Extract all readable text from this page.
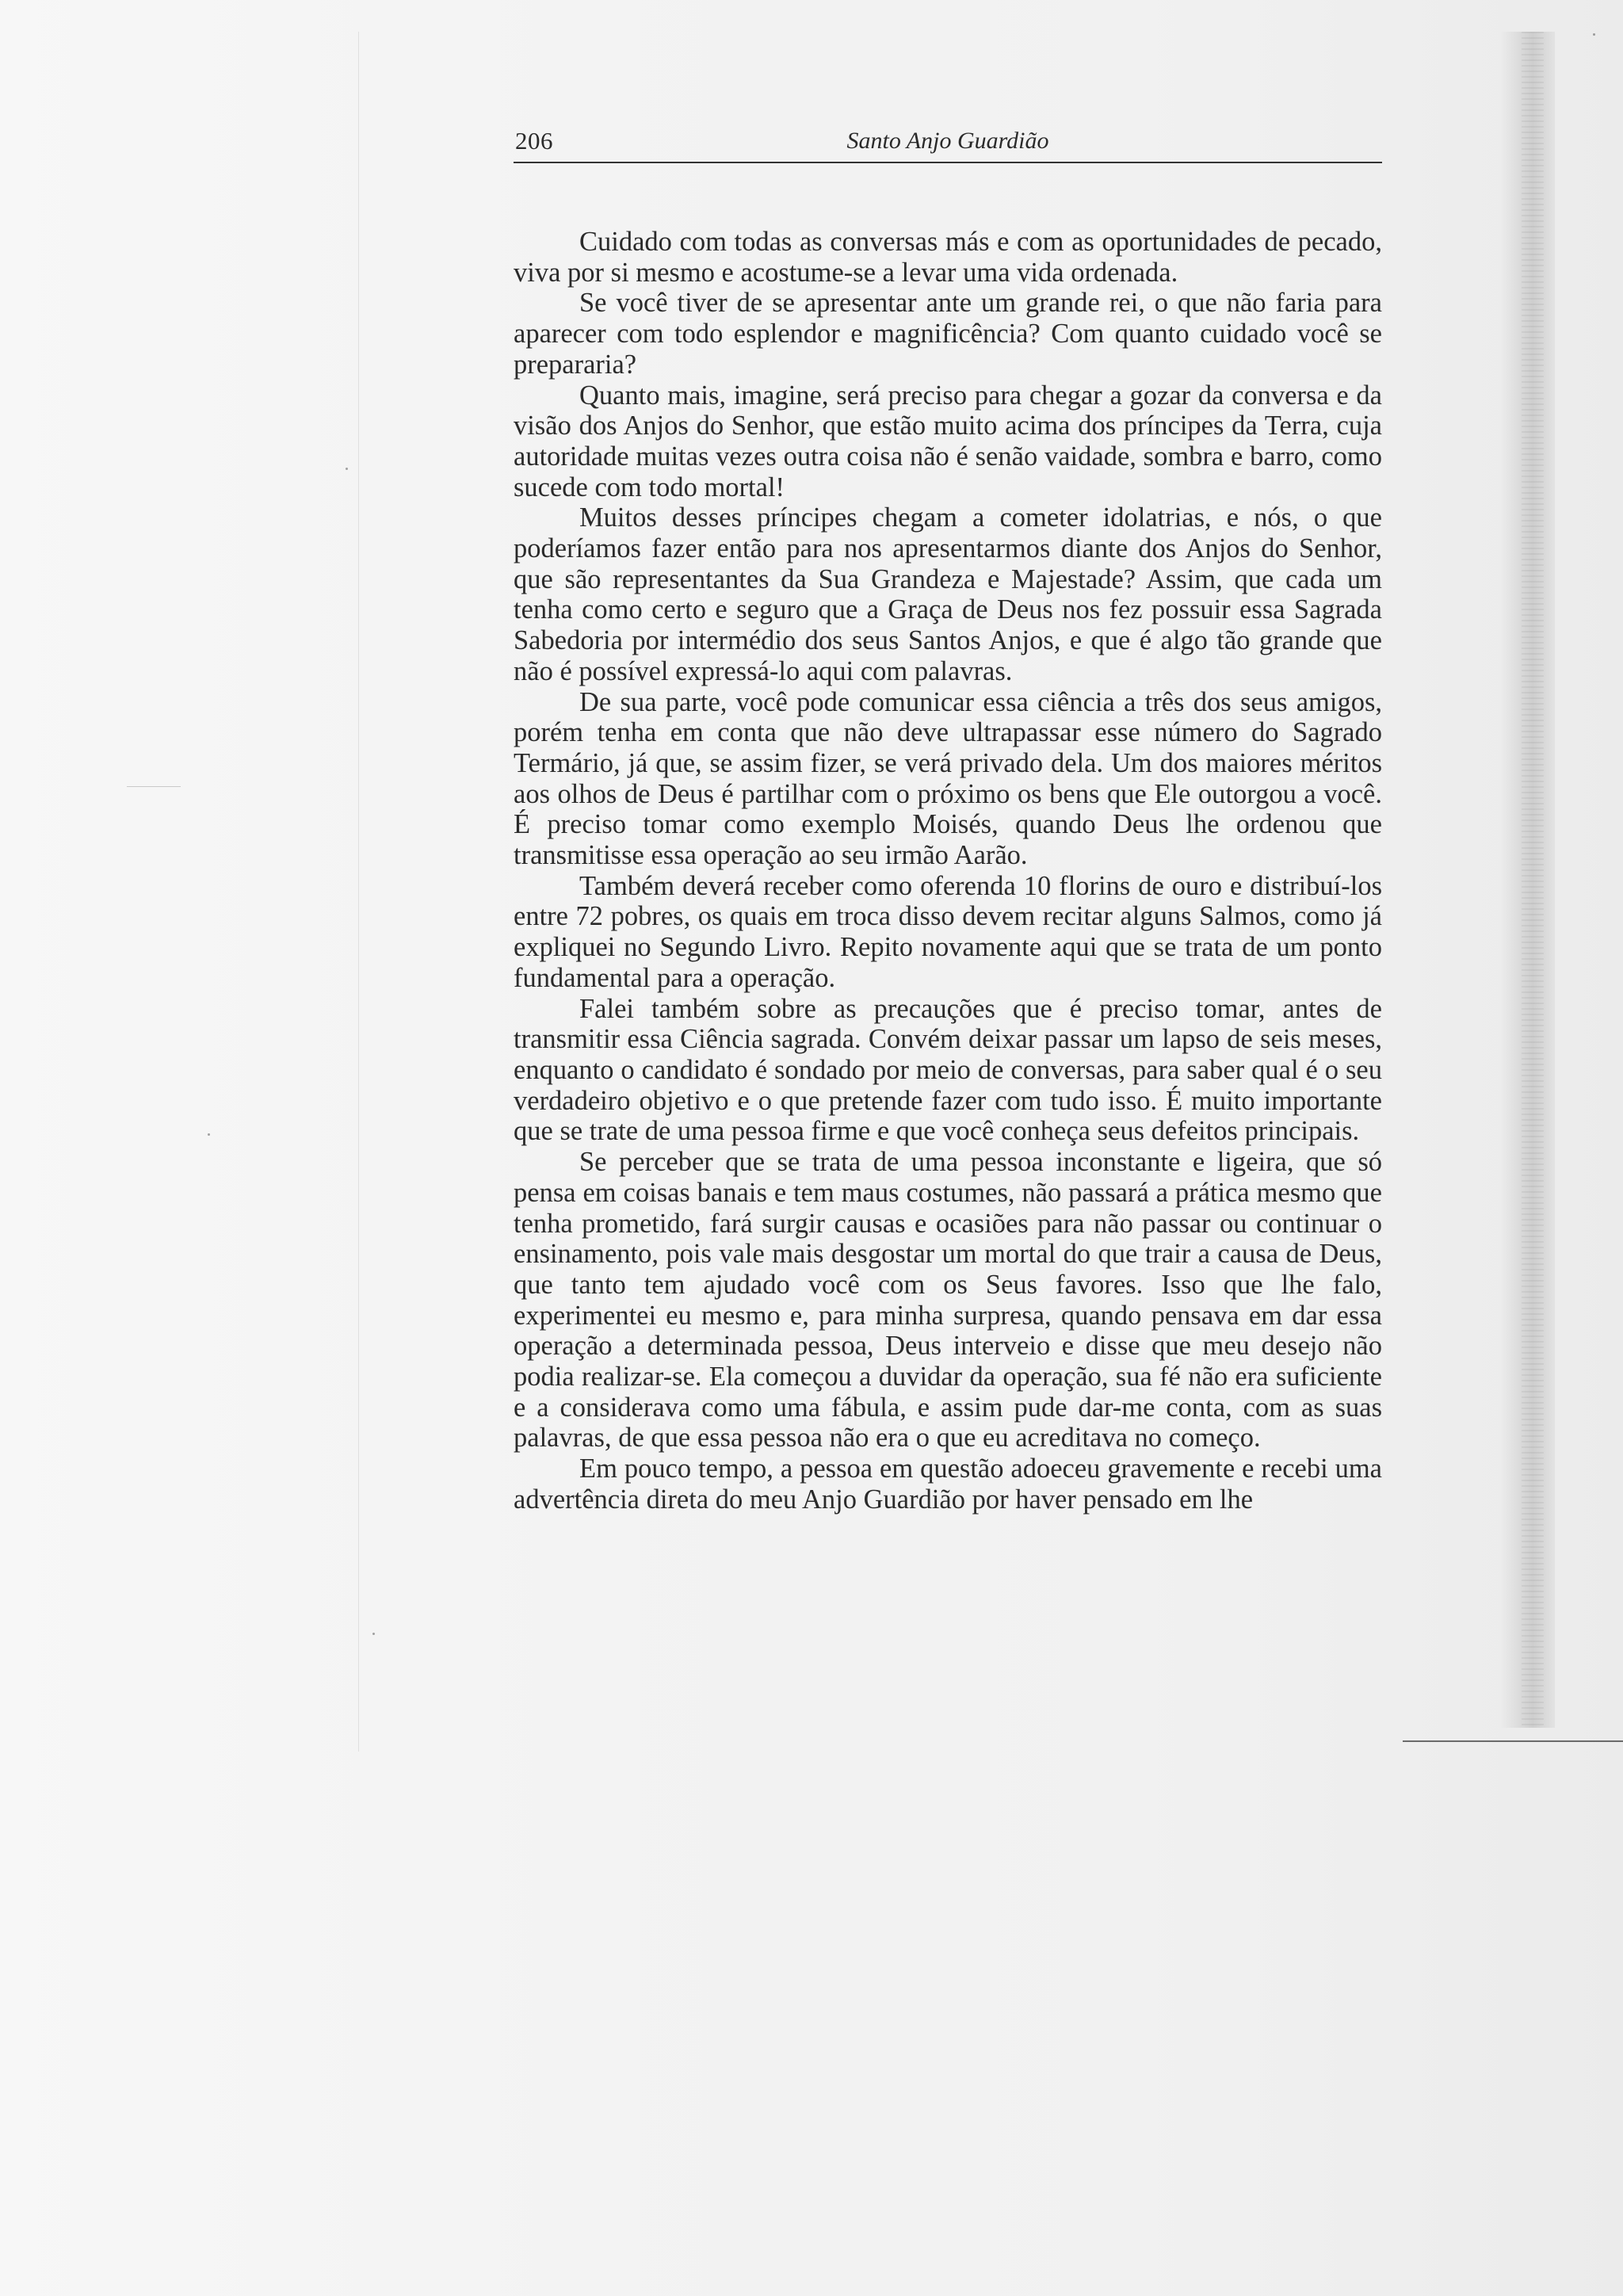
206	Santo Anjo Guardião

Cuidado com todas as conversas más e com as oportunidades de pecado, viva por si mesmo e acostume-se a levar uma vida ordenada.

Se você tiver de se apresentar ante um grande rei, o que não faria para aparecer com todo esplendor e magnificência? Com quanto cuidado você se prepararia?

Quanto mais, imagine, será preciso para chegar a gozar da conversa e da visão dos Anjos do Senhor, que estão muito acima dos príncipes da Terra, cuja autoridade muitas vezes outra coisa não é senão vaidade, sombra e barro, como sucede com todo mortal!

Muitos desses príncipes chegam a cometer idolatrias, e nós, o que poderíamos fazer então para nos apresentarmos diante dos Anjos do Senhor, que são representantes da Sua Grandeza e Majestade? Assim, que cada um tenha como certo e seguro que a Graça de Deus nos fez possuir essa Sagrada Sabedoria por intermédio dos seus Santos Anjos, e que é algo tão grande que não é possível expressá-lo aqui com palavras.

De sua parte, você pode comunicar essa ciência a três dos seus amigos, porém tenha em conta que não deve ultrapassar esse número do Sagrado Termário, já que, se assim fizer, se verá privado dela. Um dos maiores méritos aos olhos de Deus é partilhar com o próximo os bens que Ele outorgou a você. É preciso tomar como exemplo Moisés, quando Deus lhe ordenou que transmitisse essa operação ao seu irmão Aarão.

Também deverá receber como oferenda 10 florins de ouro e distribuí-los entre 72 pobres, os quais em troca disso devem recitar alguns Salmos, como já expliquei no Segundo Livro. Repito novamente aqui que se trata de um ponto fundamental para a operação.

Falei também sobre as precauções que é preciso tomar, antes de transmitir essa Ciência sagrada. Convém deixar passar um lapso de seis meses, enquanto o candidato é sondado por meio de conversas, para saber qual é o seu verdadeiro objetivo e o que pretende fazer com tudo isso. É muito importante que se trate de uma pessoa firme e que você conheça seus defeitos principais.

Se perceber que se trata de uma pessoa inconstante e ligeira, que só pensa em coisas banais e tem maus costumes, não passará a prática mesmo que tenha prometido, fará surgir causas e ocasiões para não passar ou continuar o ensinamento, pois vale mais desgostar um mortal do que trair a causa de Deus, que tanto tem ajudado você com os Seus favores. Isso que lhe falo, experimentei eu mesmo e, para minha surpresa, quando pensava em dar essa operação a determinada pessoa, Deus interveio e disse que meu desejo não podia realizar-se. Ela começou a duvidar da operação, sua fé não era suficiente e a considerava como uma fábula, e assim pude dar-me conta, com as suas palavras, de que essa pessoa não era o que eu acreditava no começo.

Em pouco tempo, a pessoa em questão adoeceu gravemente e recebi uma advertência direta do meu Anjo Guardião por haver pensado em lhe
